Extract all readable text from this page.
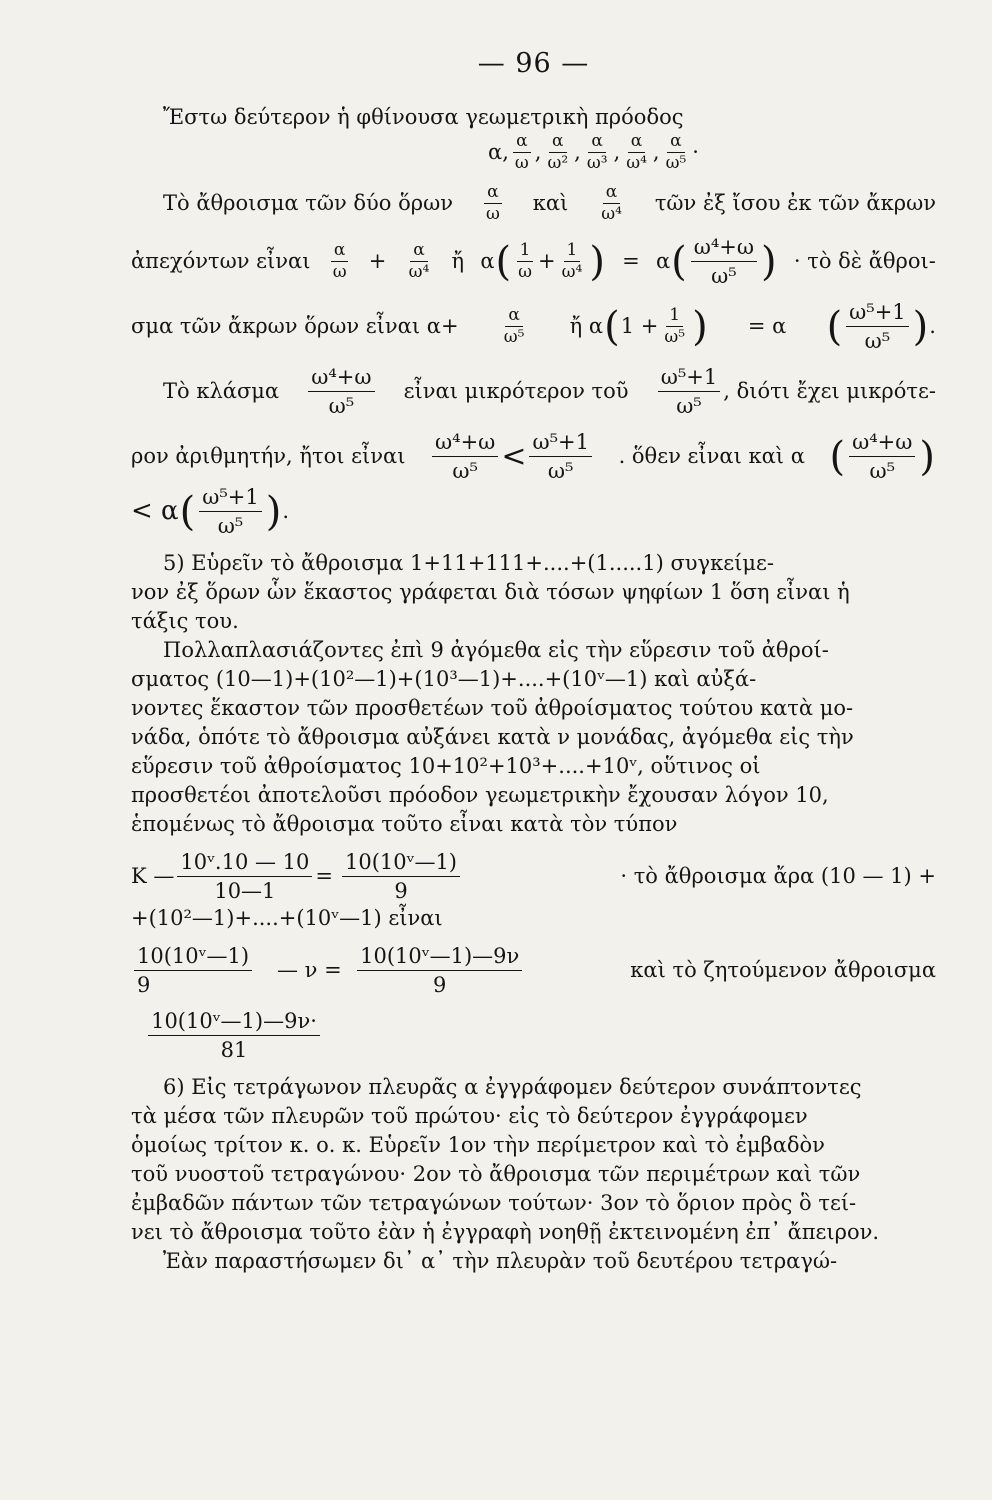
— 96 —
Ἔστω δεύτερον ἡ φθίνουσα γεωμετρικὴ πρόοδος
α, $\frac{\alpha}{\omega}$ , $\frac{\alpha}{\text{ω²}}$ , $\frac{\alpha}{\text{ω³}}$ , $\frac{\alpha}{\text{ω⁴}}$ , $\frac{\alpha}{\text{ω⁵}}$ ·
Τὸ ἄθροισμα τῶν δύο ὅρων $\frac{\alpha}{\omega}$ καὶ $\frac{\alpha}{\text{ω⁴}}$ τῶν ἐξ ἴσου ἐκ τῶν ἄκρων
ἀπεχόντων εἶναι $\frac{\alpha}{\omega} + \frac{\alpha}{\text{ω⁴}}$ ἤ α ( $\frac{1}{\omega} + \frac{1}{\text{ω⁴}}$ ) = α ( $\frac{\text{ω⁴+ω}}{\text{ω⁵}}$ ) · τὸ δὲ ἄθροι-
σμα τῶν ἄκρων ὅρων εἶναι $\alpha+ \frac{\alpha}{\text{ω⁵}}$ ἤ α ( $1 + \frac{1}{\text{ω⁵}}$ ) = α ( $\frac{\text{ω⁵+1}}{\text{ω⁵}}$ ) .
Τὸ κλάσμα $\frac{\text{ω⁴+ω}}{\text{ω⁵}}$ εἶναι μικρότερον τοῦ $\frac{\text{ω⁵+1}}{\text{ω⁵}}$ , διότι ἔχει μικρότε-
ρον ἀριθμητήν, ἤτοι εἶναι $\frac{\text{ω⁴+ω}}{\text{ω⁵}} < \frac{\text{ω⁵+1}}{\text{ω⁵}}$ . ὅθεν εἶναι καὶ α ( $\frac{\text{ω⁴+ω}}{\text{ω⁵}}$ )
< α ( $\frac{\text{ω⁵+1}}{\text{ω⁵}}$ ) .
5) Εὑρεῖν τὸ ἄθροισμα 1+11+111+....+(1.....1) συγκείμε-
νον ἐξ ὅρων ὧν ἕκαστος γράφεται διὰ τόσων ψηφίων 1 ὅση εἶναι ἡ
τάξις του.
Πολλαπλασιάζοντες ἐπὶ 9 ἀγόμεθα εἰς τὴν εὕρεσιν τοῦ ἀθροί-
σματος (10—1)+(10²—1)+(10³—1)+....+(10ᵛ—1) καὶ αὐξά-
νοντες ἕκαστον τῶν προσθετέων τοῦ ἀθροίσματος τούτου κατὰ μο-
νάδα, ὁπότε τὸ ἄθροισμα αὐξάνει κατὰ ν μονάδας, ἀγόμεθα εἰς τὴν
εὕρεσιν τοῦ ἀθροίσματος 10+10²+10³+....+10ᵛ, οὕτινος οἱ
προσθετέοι ἀποτελοῦσι πρόοδον γεωμετρικὴν ἔχουσαν λόγον 10,
ἑπομένως τὸ ἄθροισμα τοῦτο εἶναι κατὰ τὸν τύπον
Κ — $\frac{\text{10ᵛ.10 — 10}}{10—1} = \frac{\text{10(10ᵛ—1)}}{9}$	· τὸ ἄθροισμα ἄρα (10 — 1) +
+(10²—1)+....+(10ᵛ—1) εἶναι
$\frac{\text{10(10ᵛ—1)}}{9}$ — $\nu = \frac{\text{10(10ᵛ—1)—9ν}}{9}$	καὶ τὸ ζητούμενον ἄθροισμα
$\frac{\text{10(10ᵛ—1)—9ν·}}{81}$
6) Εἰς τετράγωνον πλευρᾶς α ἐγγράφομεν δεύτερον συνάπτοντες
τὰ μέσα τῶν πλευρῶν τοῦ πρώτου· εἰς τὸ δεύτερον ἐγγράφομεν
ὁμοίως τρίτον κ. ο. κ. Εὑρεῖν 1ον τὴν περίμετρον καὶ τὸ ἐμβαδὸν
τοῦ νυοστοῦ τετραγώνου· 2ον τὸ ἄθροισμα τῶν περιμέτρων καὶ τῶν
ἐμβαδῶν πάντων τῶν τετραγώνων τούτων· 3ον τὸ ὅριον πρὸς ὃ τεί-
νει τὸ ἄθροισμα τοῦτο ἐὰν ἡ ἐγγραφὴ νοηθῇ ἐκτεινομένη ἐπ᾽ ἄπειρον.
Ἐὰν παραστήσωμεν δι᾽ α᾽ τὴν πλευρὰν τοῦ δευτέρου τετραγώ-
